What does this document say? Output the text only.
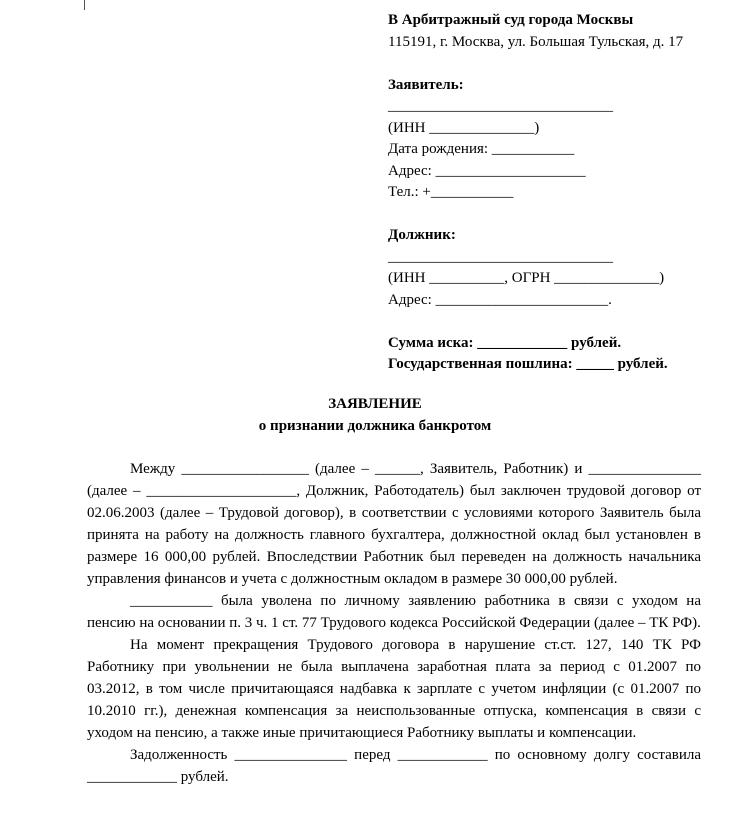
В Арбитражный суд города Москвы
115191, г. Москва, ул. Большая Тульская, д. 17
Заявитель:
______________________________
(ИНН ______________)
Дата рождения: ___________
Адрес: ____________________
Тел.: +___________
Должник:
______________________________
(ИНН __________, ОГРН ______________)
Адрес: _______________________.
Сумма иска: ____________ рублей.
Государственная пошлина: _____ рублей.
ЗАЯВЛЕНИЕ
о признании должника банкротом

Между _________________ (далее – ______, Заявитель, Работник) и _______________ (далее – ____________________, Должник, Работодатель) был заключен трудовой договор от 02.06.2003 (далее – Трудовой договор), в соответствии с условиями которого Заявитель была принята на работу на должность главного бухгалтера, должностной оклад был установлен в размере 16 000,00 рублей. Впоследствии Работник был переведен на должность начальника управления финансов и учета с должностным окладом в размере 30 000,00 рублей.

___________ была уволена по личному заявлению работника в связи с уходом на пенсию на основании п. 3 ч. 1 ст. 77 Трудового кодекса Российской Федерации (далее – ТК РФ).

На момент прекращения Трудового договора в нарушение ст.ст. 127, 140 ТК РФ Работнику при увольнении не была выплачена заработная плата за период с 01.2007 по 03.2012, в том числе причитающаяся надбавка к зарплате с учетом инфляции (с 01.2007 по 10.2010 гг.), денежная компенсация за неиспользованные отпуска, компенсация в связи с уходом на пенсию, а также иные причитающиеся Работнику выплаты и компенсации.

Задолженность _______________ перед ____________ по основному долгу составила ____________ рублей.
